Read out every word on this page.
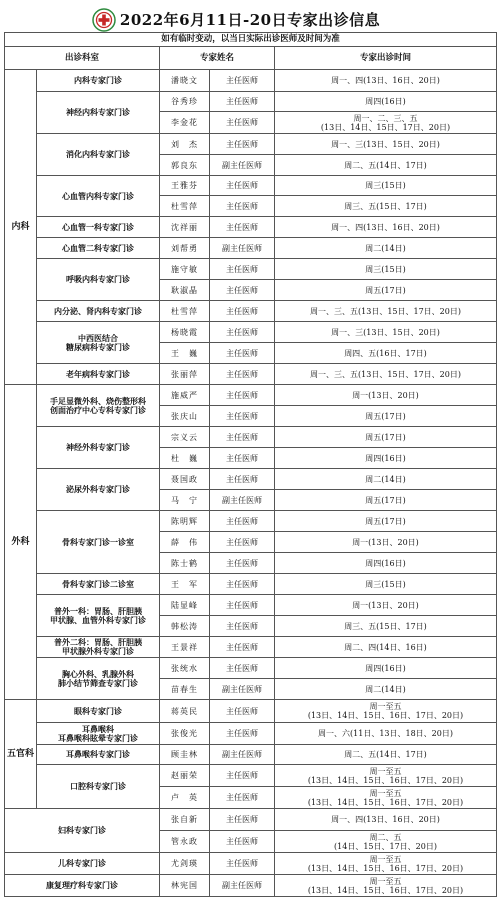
2022年6月11日-20日专家出诊信息
如有临时变动，以当日实际出诊医师及时间为准				
出诊科室		专家姓名		专家出诊时间
内科	内科专家门诊	潘晓文	主任医师	周一、四(13日、16日、20日)
	神经内科专家门诊	谷秀珍	主任医师	周四(16日)
		李金花	主任医师	周一、二、三、五
(13日、14日、15日、17日、20日)
	消化内科专家门诊	刘　杰	主任医师	周一、三(13日、15日、20日)
		郭良东	副主任医师	周二、五(14日、17日)
	心血管内科专家门诊	王雅芬	主任医师	周三(15日)
		杜雪萍	主任医师	周三、五(15日、17日)
	心血管一科专家门诊	沈祥丽	主任医师	周一、四(13日、16日、20日)
	心血管二科专家门诊	刘帮勇	副主任医师	周二(14日)
	呼吸内科专家门诊	施守敏	主任医师	周三(15日)
		耿淑晶	主任医师	周五(17日)
	内分泌、肾内科专家门诊	杜雪萍	主任医师	周一、三、五(13日、15日、17日、20日)
	中西医结合
糖尿病科专家门诊	杨晓霞	主任医师	周一、三(13日、15日、20日)
		王　巍	主任医师	周四、五(16日、17日)
	老年病科专家门诊	张丽萍	主任医师	周一、三、五(13日、15日、17日、20日)
外科	手足显微外科、烧伤整形科
创面治疗中心专科专家门诊	施威严	主任医师	周一(13日、20日)
		张庆山	主任医师	周五(17日)
	神经外科专家门诊	宗义云	主任医师	周五(17日)
		杜　巍	主任医师	周四(16日)
	泌尿外科专家门诊	聂国政	主任医师	周二(14日)
		马　宁	副主任医师	周五(17日)
	骨科专家门诊一诊室	陈明辉	主任医师	周五(17日)
		薛　伟	主任医师	周一(13日、20日)
		陈士鹤	主任医师	周四(16日)
	骨科专家门诊二诊室	王　军	主任医师	周三(15日)
	普外一科：胃肠、肝胆胰
甲状腺、血管外科专家门诊	陆显峰	主任医师	周一(13日、20日)
		韩松涛	主任医师	周三、五(15日、17日)
	普外二科：胃肠、肝胆胰
甲状腺外科专家门诊	王景祥	主任医师	周二、四(14日、16日)
	胸心外科、乳腺外科
肺小结节筛查专家门诊	张统水	主任医师	周四(16日)
		苗春生	副主任医师	周二(14日)
五官科	眼科专家门诊	蒋英民	主任医师	周一至五
(13日、14日、15日、16日、17日、20日)
	耳鼻喉科
耳鼻喉科眩晕专家门诊	张俊光	主任医师	周一、六(11日、13日、18日、20日)
	耳鼻喉科专家门诊	顾圭林	副主任医师	周二、五(14日、17日)
	口腔科专家门诊	赵丽荣	主任医师	周一至五
(13日、14日、15日、16日、17日、20日)
		卢　英	主任医师	周一至五
(13日、14日、15日、16日、17日、20日)
妇科专家门诊		张自新	主任医师	周一、四(13日、16日、20日)
		管永政	主任医师	周二、五
(14日、15日、17日、20日)
儿科专家门诊		尤剑瑛	主任医师	周一至五
(13日、14日、15日、16日、17日、20日)
康复理疗科专家门诊		林宪国	副主任医师	周一至五
(13日、14日、15日、16日、17日、20日)
